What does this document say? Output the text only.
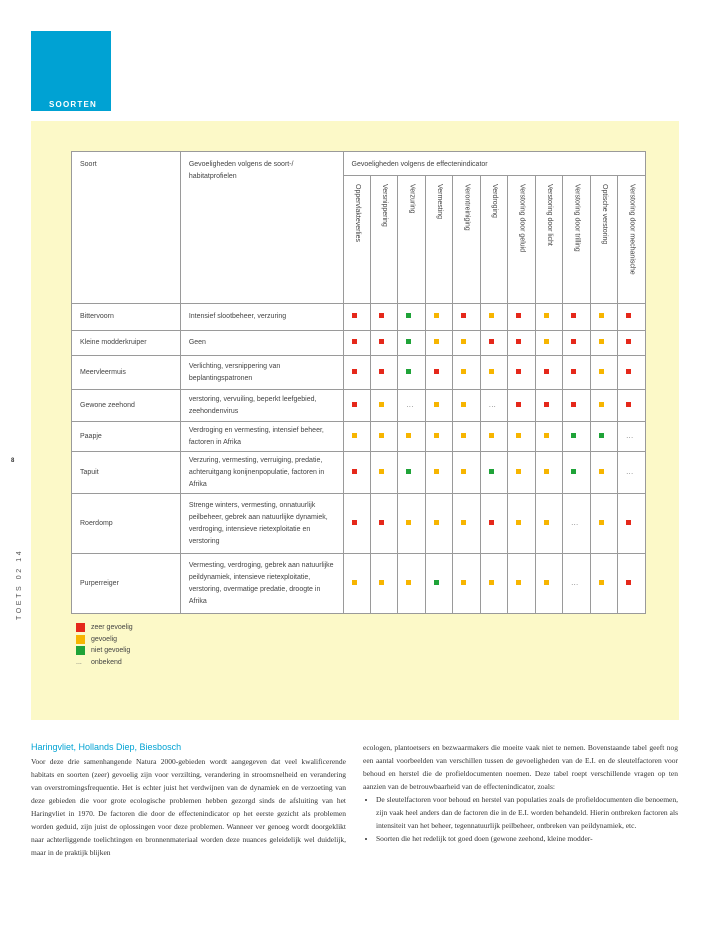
SOORTEN
8
TOETS 02 14
Soort	Gevoeligheden volgens de soort-/ habitatprofielen	Gevoeligheden volgens de effectenindicator										

		Oppervlakteverlies	Versnippering	Verzuring	Vermesting	Verontreiniging	Verdroging	Verstoring door geluid	Verstoring door licht	Verstoring door trilling	Optische verstoring	Verstoring door mechanische

Bittervoorn	Intensief slootbeheer, verzuring											
Kleine modderkruiper	Geen											
Meervleermuis	Verlichting, versnippering van beplantingspatronen											
Gewone zeehond	verstoring, vervuiling, beperkt leefgebied, zeehondenvirus			...			...					
Paapje	Verdroging en vermesting, intensief beheer, factoren in Afrika											...
Tapuit	Verzuring, vermesting, verruiging, predatie, achteruitgang konijnenpopulatie, factoren in Afrika											...
Roerdomp	Strenge winters, vermesting, onnatuurlijk peilbeheer, gebrek aan natuurlijke dynamiek, verdroging, intensieve rietexploitatie en verstoring									...		
Purperreiger	Vermesting, verdroging, gebrek aan natuurlijke peildynamiek, intensieve rietexploitatie, verstoring, overmatige predatie, droogte in Afrika									...		
zeer gevoelig
gevoelig
niet gevoelig
...	onbekend
Haringvliet, Hollands Diep, Biesbosch

Voor deze drie samenhangende Natura 2000-gebieden wordt aangegeven dat veel kwalificerende habitats en soorten (zeer) gevoelig zijn voor verzilting, verandering in stroomsnelheid en verandering van overstromingsfrequentie. Het is echter juist het verdwijnen van de dynamiek en de verzoeting van deze gebieden die voor grote ecologische problemen hebben gezorgd sinds de afsluiting van het Haringvliet in 1970. De factoren die door de effectenindicator op het eerste gezicht als problemen worden geduid, zijn juist de oplossingen voor deze problemen. Wanneer ver genoeg wordt doorgeklikt naar achterliggende toelichtingen en bronnenmateriaal worden deze nuances geleidelijk wel duidelijk, maar in de praktijk blijken

ecologen, plantoetsers en bezwaarmakers die moeite vaak niet te nemen. Bovenstaande tabel geeft nog een aantal voorbeelden van verschillen tussen de gevoeligheden van de E.I. en de sleutelfactoren voor behoud en herstel die de profieldocumenten noemen. Deze tabel roept verschillende vragen op ten aanzien van de betrouwbaarheid van de effectenindicator, zoals:

• De sleutelfactoren voor behoud en herstel van populaties zoals de profieldocumenten die benoemen, zijn vaak heel anders dan de factoren die in de E.I. worden behandeld. Hierin ontbreken factoren als intensiteit van het beheer, tegennatuurlijk peilbeheer, ontbreken van peildynamiek, etc.
• Soorten die het redelijk tot goed doen (gewone zeehond, kleine modder-
